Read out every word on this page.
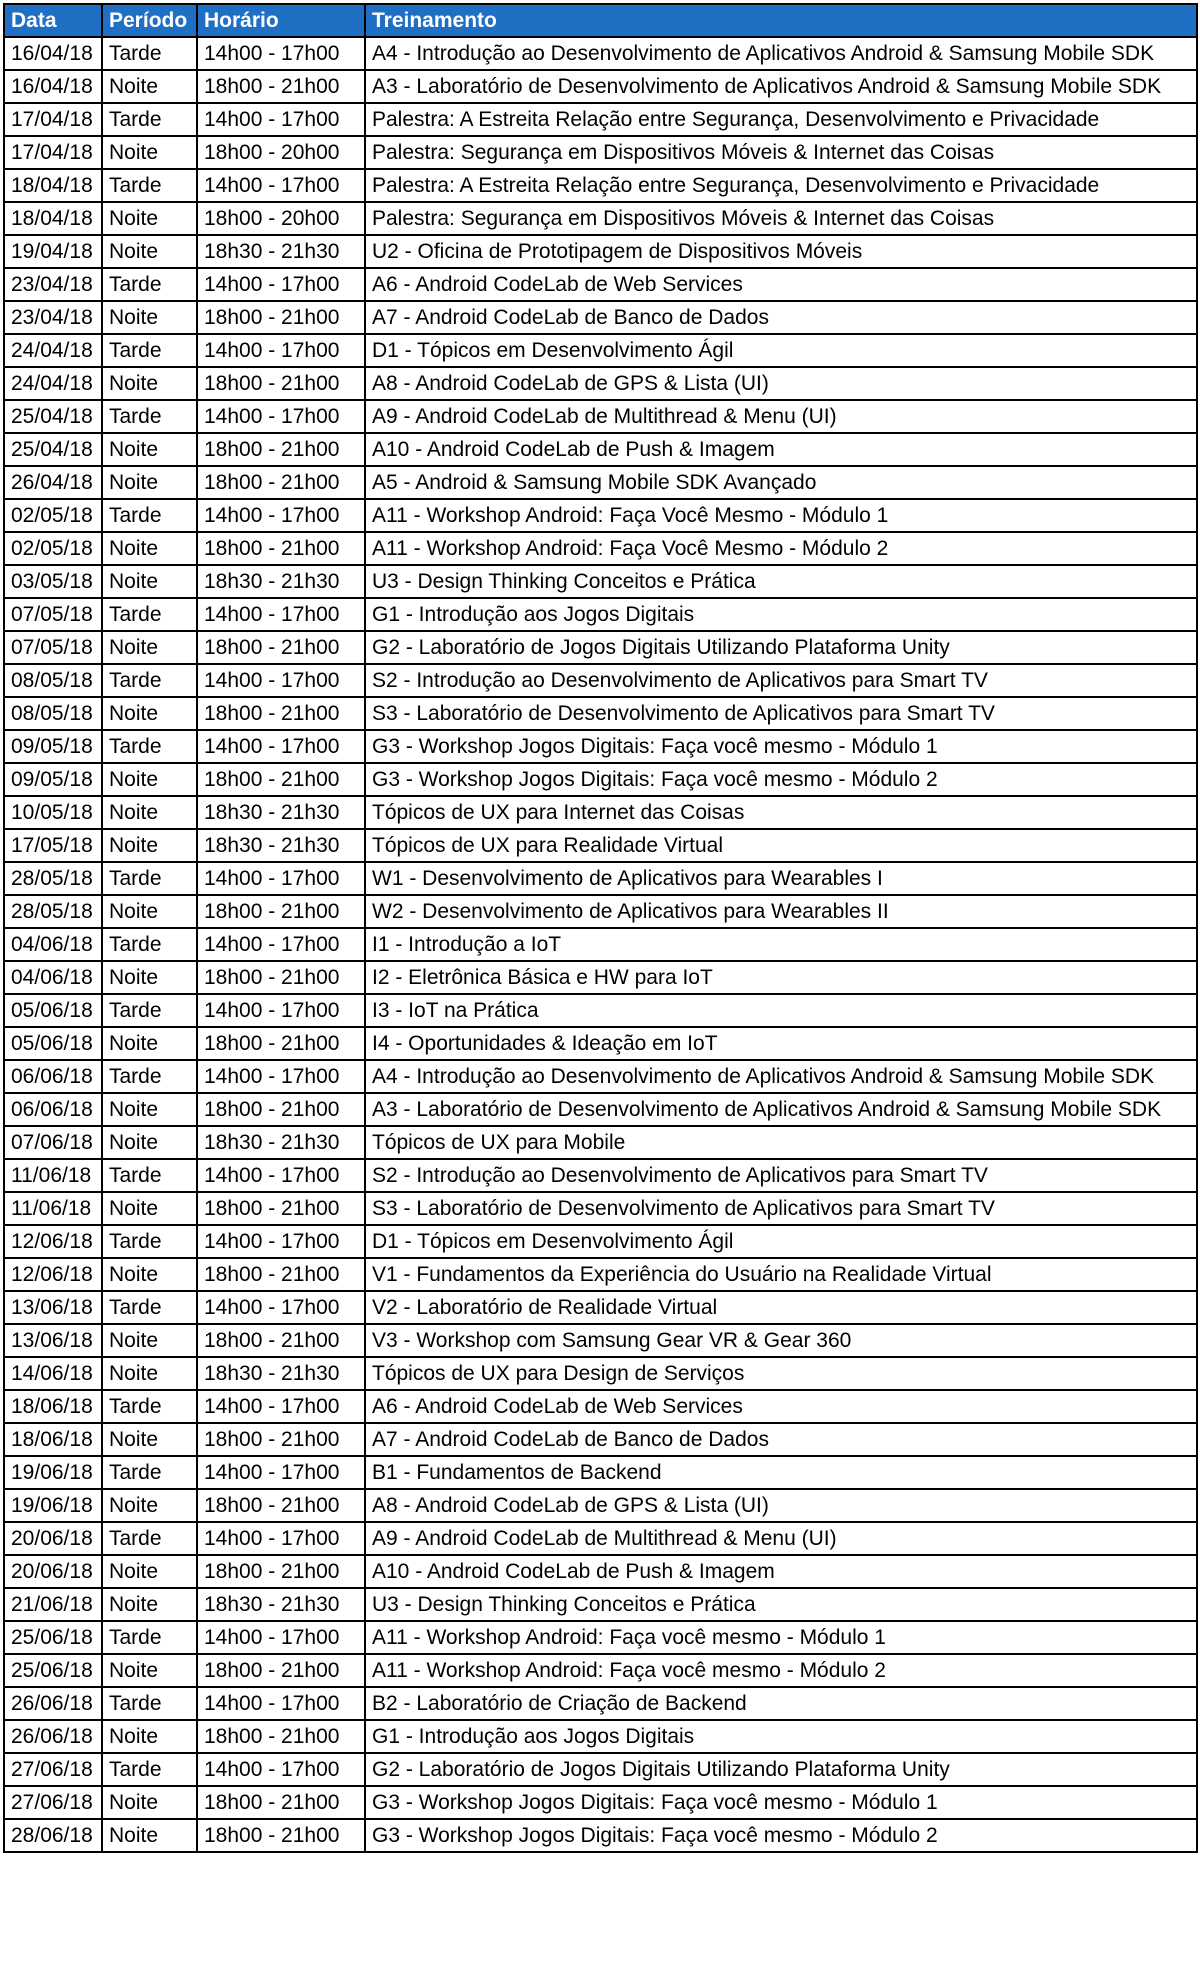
Data	Período	Horário	Treinamento
16/04/18	Tarde	14h00 - 17h00	A4 - Introdução ao Desenvolvimento de Aplicativos Android & Samsung Mobile SDK
16/04/18	Noite	18h00 - 21h00	A3 - Laboratório de Desenvolvimento de Aplicativos Android & Samsung Mobile SDK
17/04/18	Tarde	14h00 - 17h00	Palestra: A Estreita Relação entre Segurança, Desenvolvimento e Privacidade
17/04/18	Noite	18h00 - 20h00	Palestra: Segurança em Dispositivos Móveis & Internet das Coisas
18/04/18	Tarde	14h00 - 17h00	Palestra: A Estreita Relação entre Segurança, Desenvolvimento e Privacidade
18/04/18	Noite	18h00 - 20h00	Palestra: Segurança em Dispositivos Móveis & Internet das Coisas
19/04/18	Noite	18h30 - 21h30	U2 - Oficina de Prototipagem de Dispositivos Móveis
23/04/18	Tarde	14h00 - 17h00	A6 - Android CodeLab de Web Services
23/04/18	Noite	18h00 - 21h00	A7 - Android CodeLab de Banco de Dados
24/04/18	Tarde	14h00 - 17h00	D1 - Tópicos em Desenvolvimento Ágil
24/04/18	Noite	18h00 - 21h00	A8 - Android CodeLab de GPS & Lista (UI)
25/04/18	Tarde	14h00 - 17h00	A9 - Android CodeLab de Multithread & Menu (UI)
25/04/18	Noite	18h00 - 21h00	A10 - Android CodeLab de Push & Imagem
26/04/18	Noite	18h00 - 21h00	A5 - Android & Samsung Mobile SDK Avançado
02/05/18	Tarde	14h00 - 17h00	A11 - Workshop Android: Faça Você Mesmo - Módulo 1
02/05/18	Noite	18h00 - 21h00	A11 - Workshop Android: Faça Você Mesmo - Módulo 2
03/05/18	Noite	18h30 - 21h30	U3 - Design Thinking Conceitos e Prática
07/05/18	Tarde	14h00 - 17h00	G1 - Introdução aos Jogos Digitais
07/05/18	Noite	18h00 - 21h00	G2 - Laboratório de Jogos Digitais Utilizando Plataforma Unity
08/05/18	Tarde	14h00 - 17h00	S2 - Introdução ao Desenvolvimento de Aplicativos para Smart TV
08/05/18	Noite	18h00 - 21h00	S3 - Laboratório de Desenvolvimento de Aplicativos para Smart TV
09/05/18	Tarde	14h00 - 17h00	G3 - Workshop Jogos Digitais: Faça você mesmo - Módulo 1
09/05/18	Noite	18h00 - 21h00	G3 - Workshop Jogos Digitais: Faça você mesmo - Módulo 2
10/05/18	Noite	18h30 - 21h30	Tópicos de UX para Internet das Coisas
17/05/18	Noite	18h30 - 21h30	Tópicos de UX para Realidade Virtual
28/05/18	Tarde	14h00 - 17h00	W1 - Desenvolvimento de Aplicativos para Wearables I
28/05/18	Noite	18h00 - 21h00	W2 - Desenvolvimento de Aplicativos para Wearables II
04/06/18	Tarde	14h00 - 17h00	I1 - Introdução a IoT
04/06/18	Noite	18h00 - 21h00	I2 - Eletrônica Básica e HW para IoT
05/06/18	Tarde	14h00 - 17h00	I3 - IoT na Prática
05/06/18	Noite	18h00 - 21h00	I4 - Oportunidades & Ideação em IoT
06/06/18	Tarde	14h00 - 17h00	A4 - Introdução ao Desenvolvimento de Aplicativos Android & Samsung Mobile SDK
06/06/18	Noite	18h00 - 21h00	A3 - Laboratório de Desenvolvimento de Aplicativos Android & Samsung Mobile SDK
07/06/18	Noite	18h30 - 21h30	Tópicos de UX para Mobile
11/06/18	Tarde	14h00 - 17h00	S2 - Introdução ao Desenvolvimento de Aplicativos para Smart TV
11/06/18	Noite	18h00 - 21h00	S3 - Laboratório de Desenvolvimento de Aplicativos para Smart TV
12/06/18	Tarde	14h00 - 17h00	D1 - Tópicos em Desenvolvimento Ágil
12/06/18	Noite	18h00 - 21h00	V1 - Fundamentos da Experiência do Usuário na Realidade Virtual
13/06/18	Tarde	14h00 - 17h00	V2 - Laboratório de Realidade Virtual
13/06/18	Noite	18h00 - 21h00	V3 - Workshop com Samsung Gear VR & Gear 360
14/06/18	Noite	18h30 - 21h30	Tópicos de UX para Design de Serviços
18/06/18	Tarde	14h00 - 17h00	A6 - Android CodeLab de Web Services
18/06/18	Noite	18h00 - 21h00	A7 - Android CodeLab de Banco de Dados
19/06/18	Tarde	14h00 - 17h00	B1 - Fundamentos de Backend
19/06/18	Noite	18h00 - 21h00	A8 - Android CodeLab de GPS & Lista (UI)
20/06/18	Tarde	14h00 - 17h00	A9 - Android CodeLab de Multithread & Menu (UI)
20/06/18	Noite	18h00 - 21h00	A10 - Android CodeLab de Push & Imagem
21/06/18	Noite	18h30 - 21h30	U3 - Design Thinking Conceitos e Prática
25/06/18	Tarde	14h00 - 17h00	A11 - Workshop Android: Faça você mesmo - Módulo 1
25/06/18	Noite	18h00 - 21h00	A11 - Workshop Android: Faça você mesmo - Módulo 2
26/06/18	Tarde	14h00 - 17h00	B2 - Laboratório de Criação de Backend
26/06/18	Noite	18h00 - 21h00	G1 - Introdução aos Jogos Digitais
27/06/18	Tarde	14h00 - 17h00	G2 - Laboratório de Jogos Digitais Utilizando Plataforma Unity
27/06/18	Noite	18h00 - 21h00	G3 - Workshop Jogos Digitais: Faça você mesmo - Módulo 1
28/06/18	Noite	18h00 - 21h00	G3 - Workshop Jogos Digitais: Faça você mesmo - Módulo 2
